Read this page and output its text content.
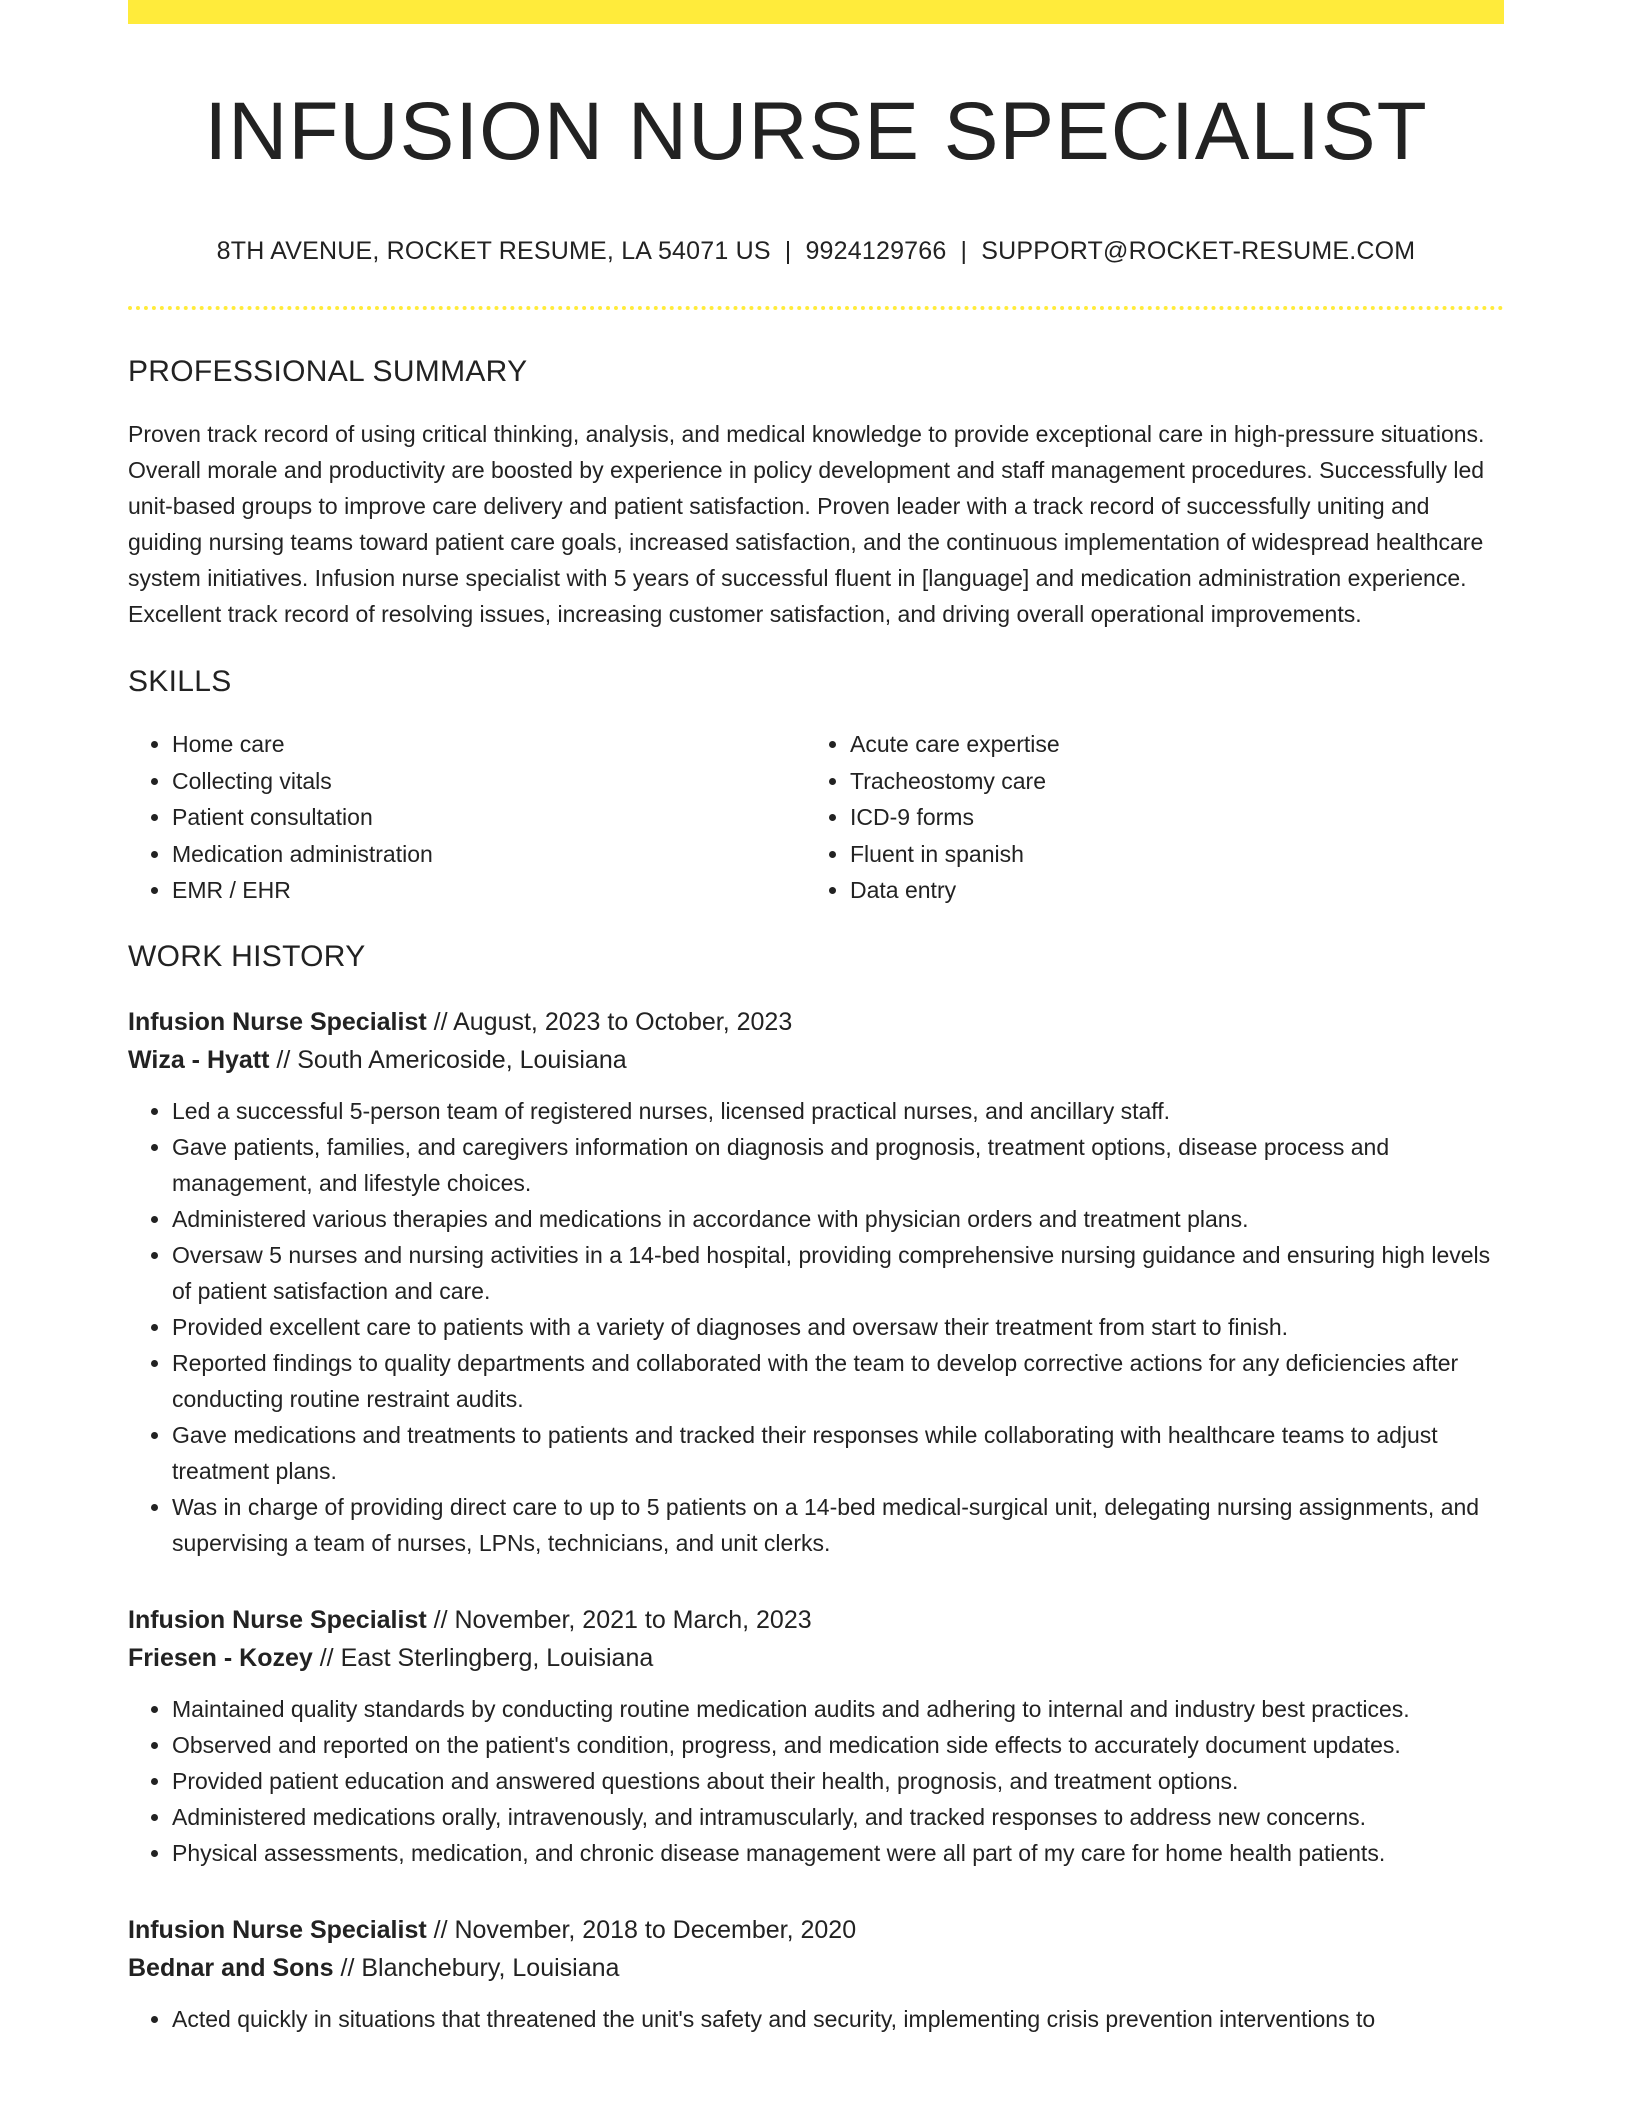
INFUSION NURSE SPECIALIST
8TH AVENUE, ROCKET RESUME, LA 54071 US | 9924129766 | SUPPORT@ROCKET-RESUME.COM
PROFESSIONAL SUMMARY
Proven track record of using critical thinking, analysis, and medical knowledge to provide exceptional care in high-pressure situations. Overall morale and productivity are boosted by experience in policy development and staff management procedures. Successfully led unit-based groups to improve care delivery and patient satisfaction. Proven leader with a track record of successfully uniting and guiding nursing teams toward patient care goals, increased satisfaction, and the continuous implementation of widespread healthcare system initiatives. Infusion nurse specialist with 5 years of successful fluent in [language] and medication administration experience. Excellent track record of resolving issues, increasing customer satisfaction, and driving overall operational improvements.
SKILLS
• Home care
• Collecting vitals
• Patient consultation
• Medication administration
• EMR / EHR
• Acute care expertise
• Tracheostomy care
• ICD-9 forms
• Fluent in spanish
• Data entry
WORK HISTORY
Infusion Nurse Specialist // August, 2023 to October, 2023
Wiza - Hyatt // South Americoside, Louisiana
• Led a successful 5-person team of registered nurses, licensed practical nurses, and ancillary staff.
• Gave patients, families, and caregivers information on diagnosis and prognosis, treatment options, disease process and management, and lifestyle choices.
• Administered various therapies and medications in accordance with physician orders and treatment plans.
• Oversaw 5 nurses and nursing activities in a 14-bed hospital, providing comprehensive nursing guidance and ensuring high levels of patient satisfaction and care.
• Provided excellent care to patients with a variety of diagnoses and oversaw their treatment from start to finish.
• Reported findings to quality departments and collaborated with the team to develop corrective actions for any deficiencies after conducting routine restraint audits.
• Gave medications and treatments to patients and tracked their responses while collaborating with healthcare teams to adjust treatment plans.
• Was in charge of providing direct care to up to 5 patients on a 14-bed medical-surgical unit, delegating nursing assignments, and supervising a team of nurses, LPNs, technicians, and unit clerks.
Infusion Nurse Specialist // November, 2021 to March, 2023
Friesen - Kozey // East Sterlingberg, Louisiana
• Maintained quality standards by conducting routine medication audits and adhering to internal and industry best practices.
• Observed and reported on the patient's condition, progress, and medication side effects to accurately document updates.
• Provided patient education and answered questions about their health, prognosis, and treatment options.
• Administered medications orally, intravenously, and intramuscularly, and tracked responses to address new concerns.
• Physical assessments, medication, and chronic disease management were all part of my care for home health patients.
Infusion Nurse Specialist // November, 2018 to December, 2020
Bednar and Sons // Blanchebury, Louisiana
• Acted quickly in situations that threatened the unit's safety and security, implementing crisis prevention interventions to
